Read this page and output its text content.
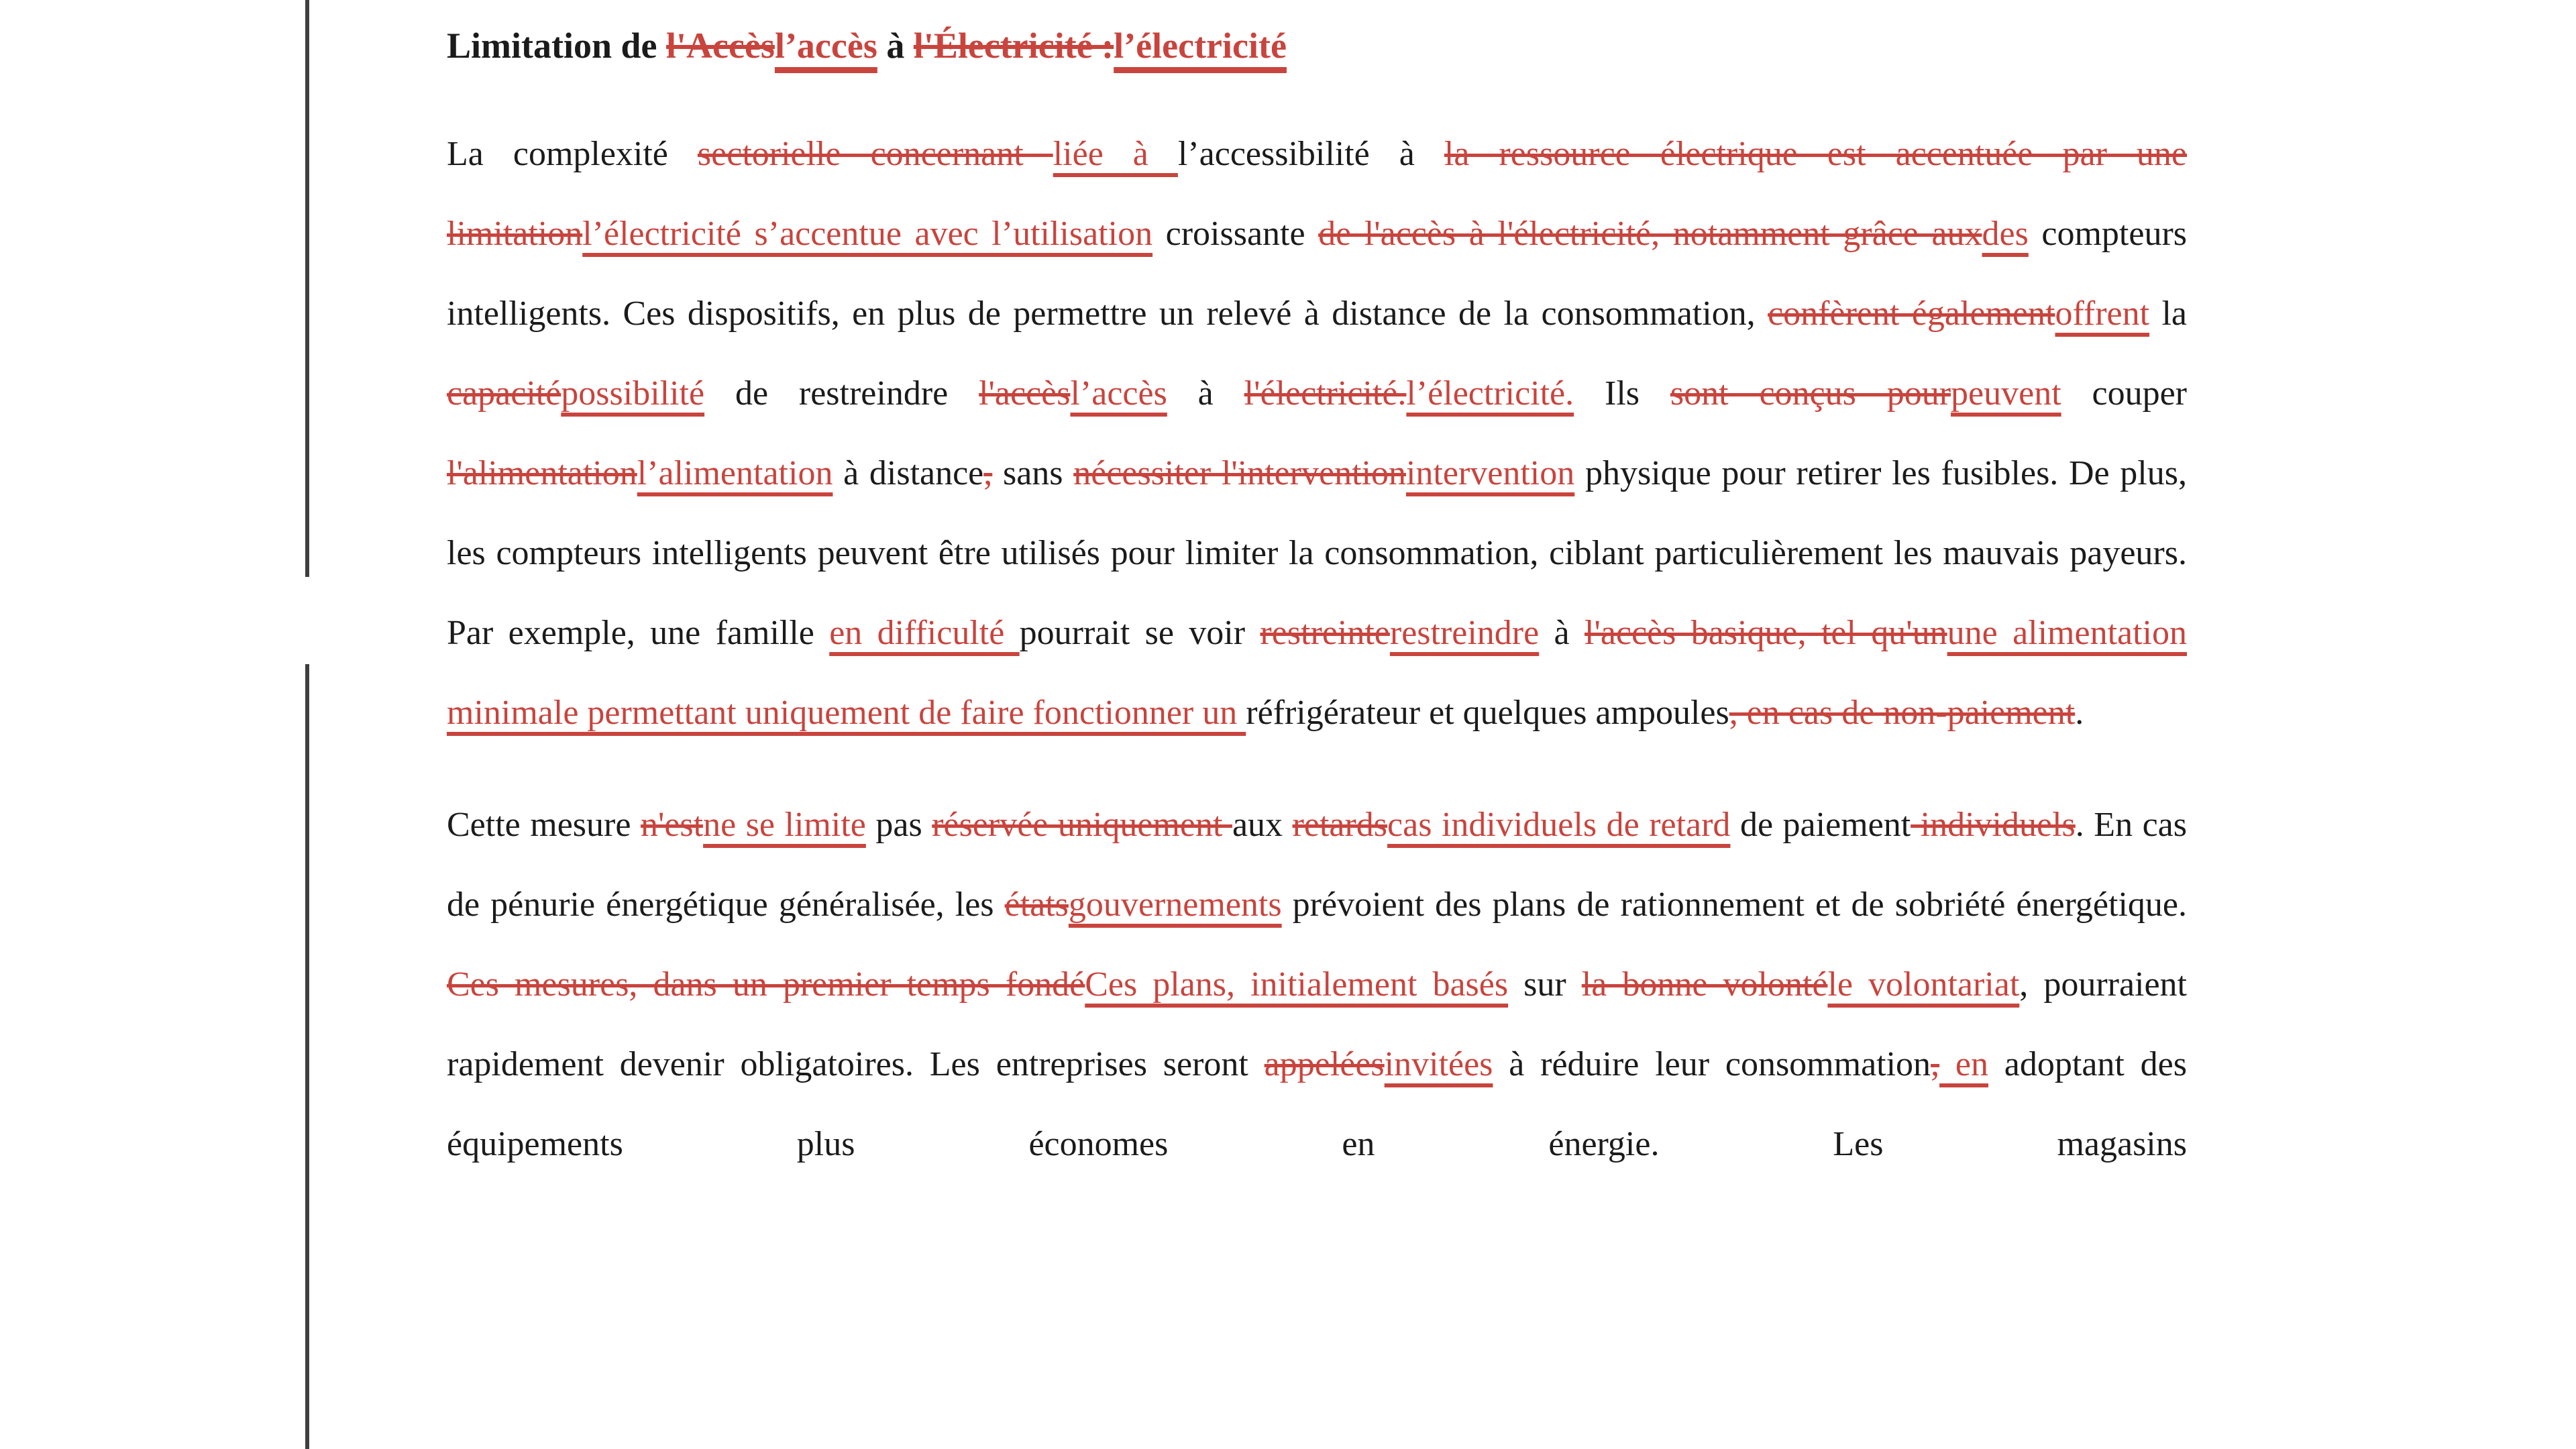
Limitation de l'Accèsl’accès à l'Électricité :l’électricité

La complexité sectorielle concernant liée à l’accessibilité à la ressource électrique est accentuée par une limitationl’électricité s’accentue avec l’utilisation croissante de l'accès à l'électricité, notamment grâce auxdes compteurs intelligents. Ces dispositifs, en plus de permettre un relevé à distance de la consommation, confèrent égalementoffrent la capacitépossibilité de restreindre l'accèsl’accès à l'électricité.l’électricité. Ils sont conçus pourpeuvent couper l'alimentationl’alimentation à distance, sans nécessiter l'interventionintervention physique pour retirer les fusibles. De plus, les compteurs intelligents peuvent être utilisés pour limiter la consommation, ciblant particulièrement les mauvais payeurs. Par exemple, une famille en difficulté pourrait se voir restreinterestreindre à l'accès basique, tel qu'unune alimentation minimale permettant uniquement de faire fonctionner un réfrigérateur et quelques ampoules, en cas de non-paiement.

Cette mesure n'estne se limite pas réservée uniquement aux retardscas individuels de retard de paiement individuels. En cas de pénurie énergétique généralisée, les étatsgouvernements prévoient des plans de rationnement et de sobriété énergétique. Ces mesures, dans un premier temps fondéCes plans, initialement basés sur la bonne volontéle volontariat, pourraient rapidement devenir obligatoires. Les entreprises seront appeléesinvitées à réduire leur consommation, en adoptant des équipements plus économes en énergie. Les magasins
